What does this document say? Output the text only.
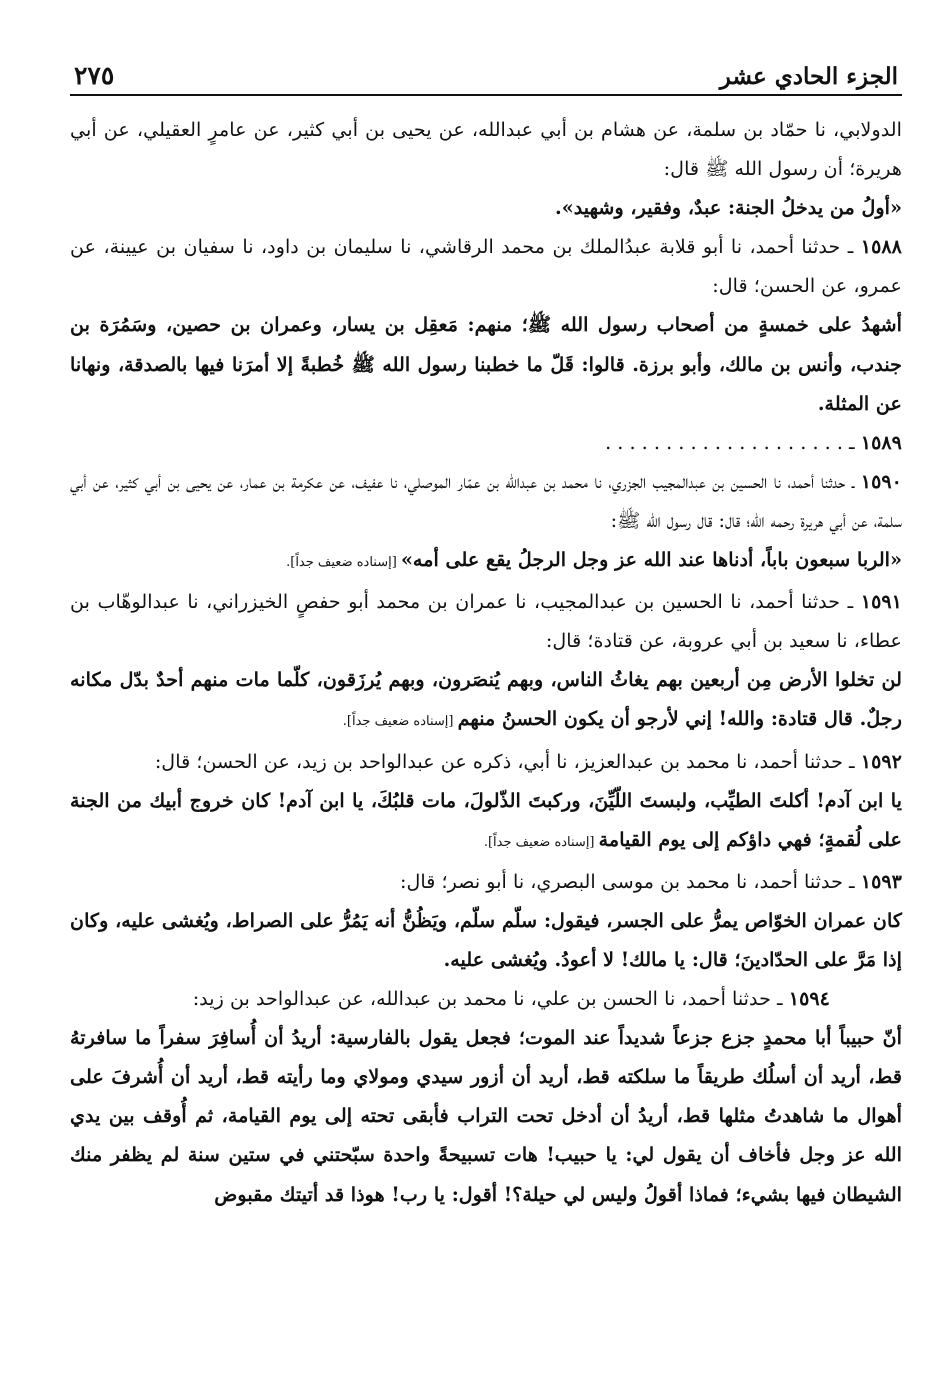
الجزء الحادي عشر
٢٧٥

الدولابي، نا حمّاد بن سلمة، عن هشام بن أبي عبدالله، عن يحيى بن أبي كثير، عن عامرٍ العقيلي، عن أبي هريرة؛ أن رسول الله ﷺ قال:

«أولُ من يدخلُ الجنة: عبدٌ، وفقير، وشهيد».

١٥٨٨ ـ حدثنا أحمد، نا أبو قلابة عبدُالملك بن محمد الرقاشي، نا سليمان بن داود، نا سفيان بن عيينة، عن عمرو، عن الحسن؛ قال:

أشهدُ على خمسةٍ من أصحاب رسول الله ﷺ؛ منهم: مَعقِل بن يسار، وعمران بن حصين، وسَمُرَة بن جندب، وأنس بن مالك، وأبو برزة. قالوا: قَلّ ما خطبنا رسول الله ﷺ خُطبةً إلا أمرَنا فيها بالصدقة، ونهانا عن المثلة.

١٥٨٩ ـ . . . . . . . . . . . . . . . . . . . .

١٥٩٠ ـ حدثنا أحمد، نا الحسين بن عبدالمجيب الجزري، نا محمد بن عبدالله بن عمّار الموصلي، نا عفيف، عن عكرمة بن عمار، عن يحيى بن أبي كثير، عن أبي سلمة، عن أبي هريرة رحمه الله؛ قال: قال رسول الله ﷺ:

«الربا سبعون باباً، أدناها عند الله عز وجل الرجلُ يقع على أمه» [إسناده ضعيف جداً].

١٥٩١ ـ حدثنا أحمد، نا الحسين بن عبدالمجيب، نا عمران بن محمد أبو حفصٍ الخيزراني، نا عبدالوهّاب بن عطاء، نا سعيد بن أبي عروبة، عن قتادة؛ قال:

لن تخلوا الأرض مِن أربعين بهم يغاثُ الناس، وبهم يُنصَرون، وبهم يُرزَقون، كلّما مات منهم أحدٌ بدّل مكانه رجلٌ. قال قتادة: والله! إني لأرجو أن يكون الحسنُ منهم [إسناده ضعيف جداً].

١٥٩٢ ـ حدثنا أحمد، نا محمد بن عبدالعزيز، نا أبي، ذكره عن عبدالواحد بن زيد، عن الحسن؛ قال:

يا ابن آدم! أكلتَ الطيِّب، ولبستَ اللّيِّنَ، وركبتَ الذّلولَ، مات قلبُكَ، يا ابن آدم! كان خروج أبيك من الجنة على لُقمةٍ؛ فهي داؤكم إلى يوم القيامة [إسناده ضعيف جداً].

١٥٩٣ ـ حدثنا أحمد، نا محمد بن موسى البصري، نا أبو نصر؛ قال:

كان عمران الخوّاص يمرُّ على الجسر، فيقول: سلّم سلّم، ويَظُنُّ أنه يَمُرُّ على الصراط، ويُغشى عليه، وكان إذا مَرَّ على الحدّادينَ؛ قال: يا مالك! لا أعودُ. ويُغشى عليه.

١٥٩٤ ـ حدثنا أحمد، نا الحسن بن علي، نا محمد بن عبدالله، عن عبدالواحد بن زيد:

أنّ حبيباً أبا محمدٍ جزع جزعاً شديداً عند الموت؛ فجعل يقول بالفارسية: أريدُ أن أُسافِرَ سفراً ما سافرتهُ قط، أريد أن أسلُك طريقاً ما سلكته قط، أريد أن أزور سيدي ومولاي وما رأيته قط، أريد أن أُشرفَ على أهوال ما شاهدتُ مثلها قط، أريدُ أن أدخل تحت التراب فأبقى تحته إلى يوم القيامة، ثم أُوقف بين يدي الله عز وجل فأخاف أن يقول لي: يا حبيب! هات تسبيحةً واحدة سبّحتني في ستين سنة لم يظفر منك الشيطان فيها بشيء؛ فماذا أقولُ وليس لي حيلة؟! أقول: يا رب! هوذا قد أتيتك مقبوض
